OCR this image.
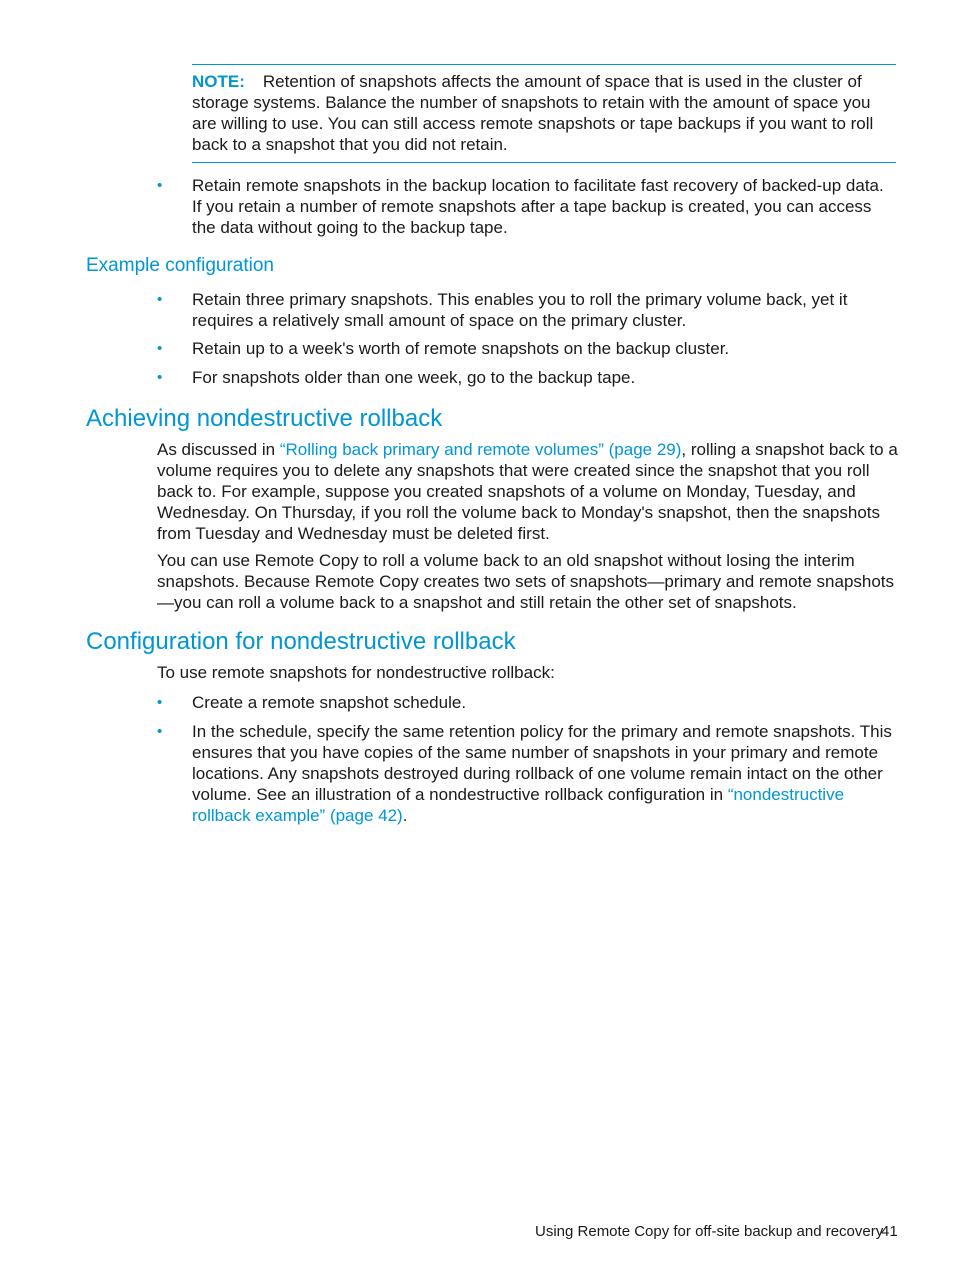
NOTE: Retention of snapshots affects the amount of space that is used in the cluster of storage systems. Balance the number of snapshots to retain with the amount of space you are willing to use. You can still access remote snapshots or tape backups if you want to roll back to a snapshot that you did not retain.

•	Retain remote snapshots in the backup location to facilitate fast recovery of backed-up data. If you retain a number of remote snapshots after a tape backup is created, you can access the data without going to the backup tape.

Example configuration
•	Retain three primary snapshots. This enables you to roll the primary volume back, yet it requires a relatively small amount of space on the primary cluster.

•	Retain up to a week's worth of remote snapshots on the backup cluster.

•	For snapshots older than one week, go to the backup tape.

Achieving nondestructive rollback

As discussed in “Rolling back primary and remote volumes” (page 29), rolling a snapshot back to a volume requires you to delete any snapshots that were created since the snapshot that you roll back to. For example, suppose you created snapshots of a volume on Monday, Tuesday, and Wednesday. On Thursday, if you roll the volume back to Monday's snapshot, then the snapshots from Tuesday and Wednesday must be deleted first.

You can use Remote Copy to roll a volume back to an old snapshot without losing the interim snapshots. Because Remote Copy creates two sets of snapshots—primary and remote snapshots—you can roll a volume back to a snapshot and still retain the other set of snapshots.

Configuration for nondestructive rollback

To use remote snapshots for nondestructive rollback:

•	Create a remote snapshot schedule.

•	In the schedule, specify the same retention policy for the primary and remote snapshots. This ensures that you have copies of the same number of snapshots in your primary and remote locations. Any snapshots destroyed during rollback of one volume remain intact on the other volume. See an illustration of a nondestructive rollback configuration in “nondestructive rollback example” (page 42).

Using Remote Copy for off-site backup and recovery
41
